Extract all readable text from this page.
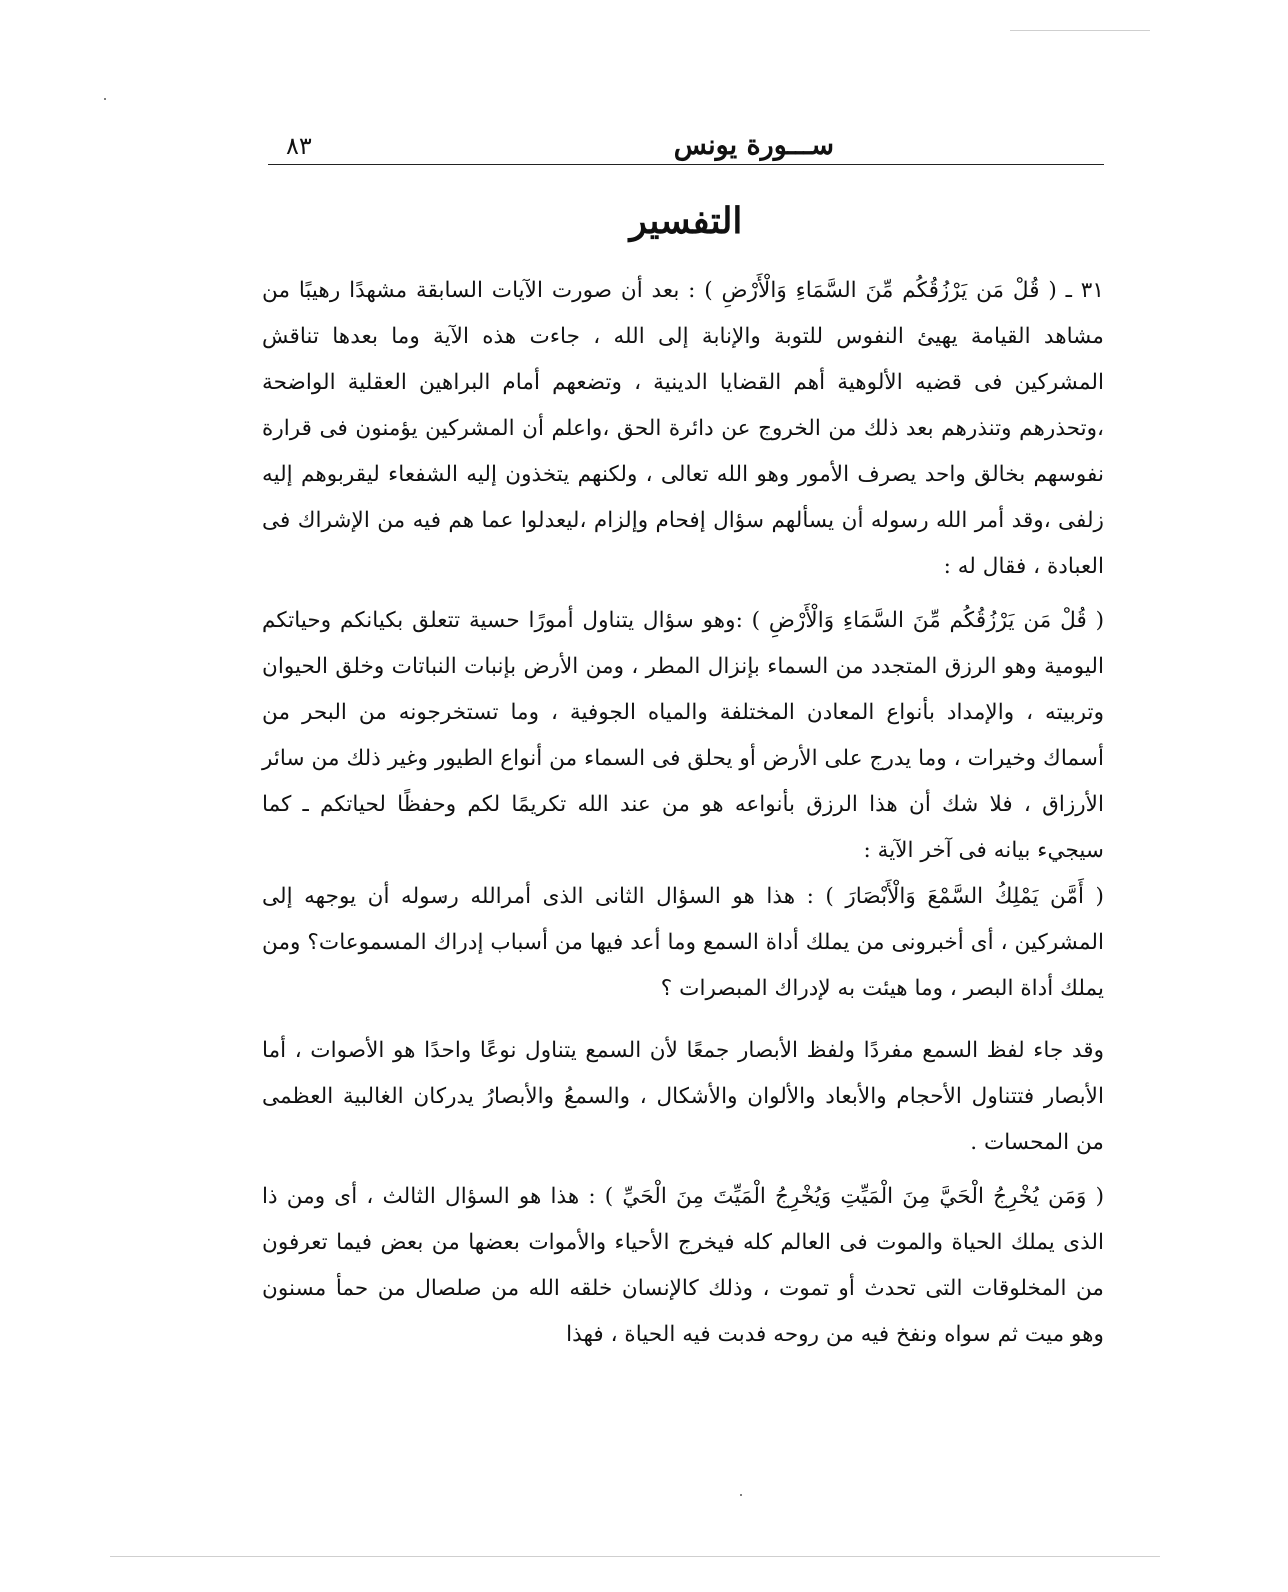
ســـورة يونس
٨٣
التفسير

٣١ ـ ( قُلْ مَن يَرْزُقُكُم مِّنَ السَّمَاءِ وَالْأَرْضِ ) : بعد أن صورت الآيات السابقة مشهدًا رهيبًا من مشاهد القيامة يهيئ النفوس للتوبة والإنابة إلى الله ، جاءت هذه الآية وما بعدها تناقش المشركين فى قضيه الألوهية أهم القضايا الدينية ، وتضعهم أمام البراهين العقلية الواضحة ،وتحذرهم وتنذرهم بعد ذلك من الخروج عن دائرة الحق ،واعلم أن المشركين يؤمنون فى قرارة نفوسهم بخالق واحد يصرف الأمور وهو الله تعالى ، ولكنهم يتخذون إليه الشفعاء ليقربوهم إليه زلفى ،وقد أمر الله رسوله أن يسألهم سؤال إفحام وإلزام ،ليعدلوا عما هم فيه من الإشراك فى العبادة ، فقال له :

( قُلْ مَن يَرْزُقُكُم مِّنَ السَّمَاءِ وَالْأَرْضِ ) :وهو سؤال يتناول أمورًا حسية تتعلق بكيانكم وحياتكم اليومية وهو الرزق المتجدد من السماء بإنزال المطر ، ومن الأرض بإنبات النباتات وخلق الحيوان وتربيته ، والإمداد بأنواع المعادن المختلفة والمياه الجوفية ، وما تستخرجونه من البحر من أسماك وخيرات ، وما يدرج على الأرض أو يحلق فى السماء من أنواع الطيور وغير ذلك من سائر الأرزاق ، فلا شك أن هذا الرزق بأنواعه هو من عند الله تكريمًا لكم وحفظًا لحياتكم ـ كما سيجيء بيانه فى آخر الآية :

( أَمَّن يَمْلِكُ السَّمْعَ وَالْأَبْصَارَ ) : هذا هو السؤال الثانى الذى أمرالله رسوله أن يوجهه إلى المشركين ، أى أخبرونى من يملك أداة السمع وما أعد فيها من أسباب إدراك المسموعات؟ ومن يملك أداة البصر ، وما هيئت به لإدراك المبصرات ؟

وقد جاء لفظ السمع مفردًا ولفظ الأبصار جمعًا لأن السمع يتناول نوعًا واحدًا هو الأصوات ، أما الأبصار فتتناول الأحجام والأبعاد والألوان والأشكال ، والسمعُ والأبصارُ يدركان الغالبية العظمى من المحسات .

( وَمَن يُخْرِجُ الْحَيَّ مِنَ الْمَيِّتِ وَيُخْرِجُ الْمَيِّتَ مِنَ الْحَيِّ ) : هذا هو السؤال الثالث ، أى ومن ذا الذى يملك الحياة والموت فى العالم كله فيخرج الأحياء والأموات بعضها من بعض فيما تعرفون من المخلوقات التى تحدث أو تموت ، وذلك كالإنسان خلقه الله من صلصال من حمأ مسنون وهو ميت ثم سواه ونفخ فيه من روحه فدبت فيه الحياة ، فهذا
